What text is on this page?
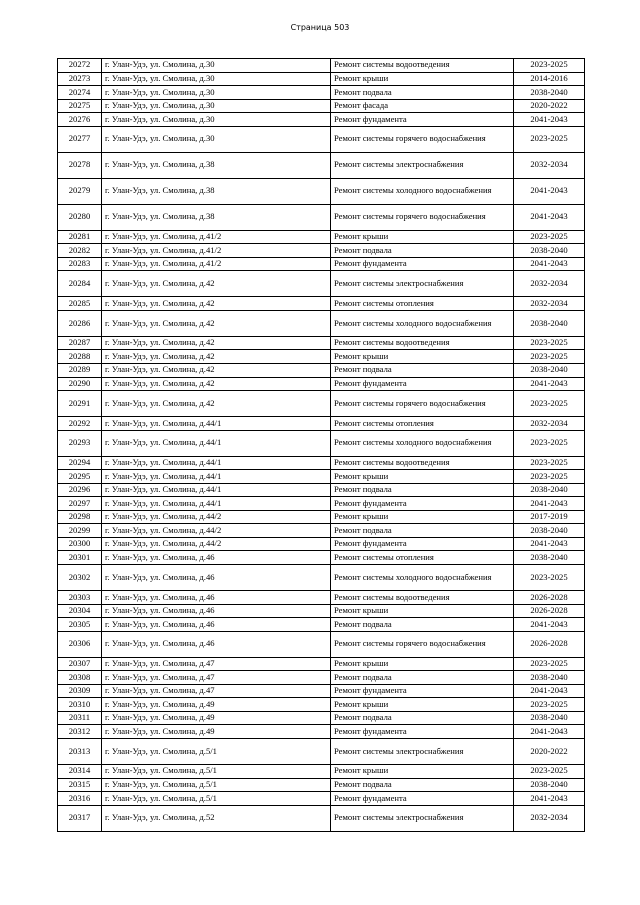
Страница 503
20272	г. Улан-Удэ, ул. Смолина, д.30	Ремонт системы водоотведения	2023-2025
20273	г. Улан-Удэ, ул. Смолина, д.30	Ремонт крыши	2014-2016
20274	г. Улан-Удэ, ул. Смолина, д.30	Ремонт подвала	2038-2040
20275	г. Улан-Удэ, ул. Смолина, д.30	Ремонт фасада	2020-2022
20276	г. Улан-Удэ, ул. Смолина, д.30	Ремонт фундамента	2041-2043
20277	г. Улан-Удэ, ул. Смолина, д.30	Ремонт системы горячего водоснабжения	2023-2025
20278	г. Улан-Удэ, ул. Смолина, д.38	Ремонт системы электроснабжения	2032-2034
20279	г. Улан-Удэ, ул. Смолина, д.38	Ремонт системы холодного водоснабжения	2041-2043
20280	г. Улан-Удэ, ул. Смолина, д.38	Ремонт системы горячего водоснабжения	2041-2043
20281	г. Улан-Удэ, ул. Смолина, д.41/2	Ремонт крыши	2023-2025
20282	г. Улан-Удэ, ул. Смолина, д.41/2	Ремонт подвала	2038-2040
20283	г. Улан-Удэ, ул. Смолина, д.41/2	Ремонт фундамента	2041-2043
20284	г. Улан-Удэ, ул. Смолина, д.42	Ремонт системы электроснабжения	2032-2034
20285	г. Улан-Удэ, ул. Смолина, д.42	Ремонт системы отопления	2032-2034
20286	г. Улан-Удэ, ул. Смолина, д.42	Ремонт системы холодного водоснабжения	2038-2040
20287	г. Улан-Удэ, ул. Смолина, д.42	Ремонт системы водоотведения	2023-2025
20288	г. Улан-Удэ, ул. Смолина, д.42	Ремонт крыши	2023-2025
20289	г. Улан-Удэ, ул. Смолина, д.42	Ремонт подвала	2038-2040
20290	г. Улан-Удэ, ул. Смолина, д.42	Ремонт фундамента	2041-2043
20291	г. Улан-Удэ, ул. Смолина, д.42	Ремонт системы горячего водоснабжения	2023-2025
20292	г. Улан-Удэ, ул. Смолина, д.44/1	Ремонт системы отопления	2032-2034
20293	г. Улан-Удэ, ул. Смолина, д.44/1	Ремонт системы холодного водоснабжения	2023-2025
20294	г. Улан-Удэ, ул. Смолина, д.44/1	Ремонт системы водоотведения	2023-2025
20295	г. Улан-Удэ, ул. Смолина, д.44/1	Ремонт крыши	2023-2025
20296	г. Улан-Удэ, ул. Смолина, д.44/1	Ремонт подвала	2038-2040
20297	г. Улан-Удэ, ул. Смолина, д.44/1	Ремонт фундамента	2041-2043
20298	г. Улан-Удэ, ул. Смолина, д.44/2	Ремонт крыши	2017-2019
20299	г. Улан-Удэ, ул. Смолина, д.44/2	Ремонт подвала	2038-2040
20300	г. Улан-Удэ, ул. Смолина, д.44/2	Ремонт фундамента	2041-2043
20301	г. Улан-Удэ, ул. Смолина, д.46	Ремонт системы отопления	2038-2040
20302	г. Улан-Удэ, ул. Смолина, д.46	Ремонт системы холодного водоснабжения	2023-2025
20303	г. Улан-Удэ, ул. Смолина, д.46	Ремонт системы водоотведения	2026-2028
20304	г. Улан-Удэ, ул. Смолина, д.46	Ремонт крыши	2026-2028
20305	г. Улан-Удэ, ул. Смолина, д.46	Ремонт подвала	2041-2043
20306	г. Улан-Удэ, ул. Смолина, д.46	Ремонт системы горячего водоснабжения	2026-2028
20307	г. Улан-Удэ, ул. Смолина, д.47	Ремонт крыши	2023-2025
20308	г. Улан-Удэ, ул. Смолина, д.47	Ремонт подвала	2038-2040
20309	г. Улан-Удэ, ул. Смолина, д.47	Ремонт фундамента	2041-2043
20310	г. Улан-Удэ, ул. Смолина, д.49	Ремонт крыши	2023-2025
20311	г. Улан-Удэ, ул. Смолина, д.49	Ремонт подвала	2038-2040
20312	г. Улан-Удэ, ул. Смолина, д.49	Ремонт фундамента	2041-2043
20313	г. Улан-Удэ, ул. Смолина, д.5/1	Ремонт системы электроснабжения	2020-2022
20314	г. Улан-Удэ, ул. Смолина, д.5/1	Ремонт крыши	2023-2025
20315	г. Улан-Удэ, ул. Смолина, д.5/1	Ремонт подвала	2038-2040
20316	г. Улан-Удэ, ул. Смолина, д.5/1	Ремонт фундамента	2041-2043
20317	г. Улан-Удэ, ул. Смолина, д.52	Ремонт системы электроснабжения	2032-2034
